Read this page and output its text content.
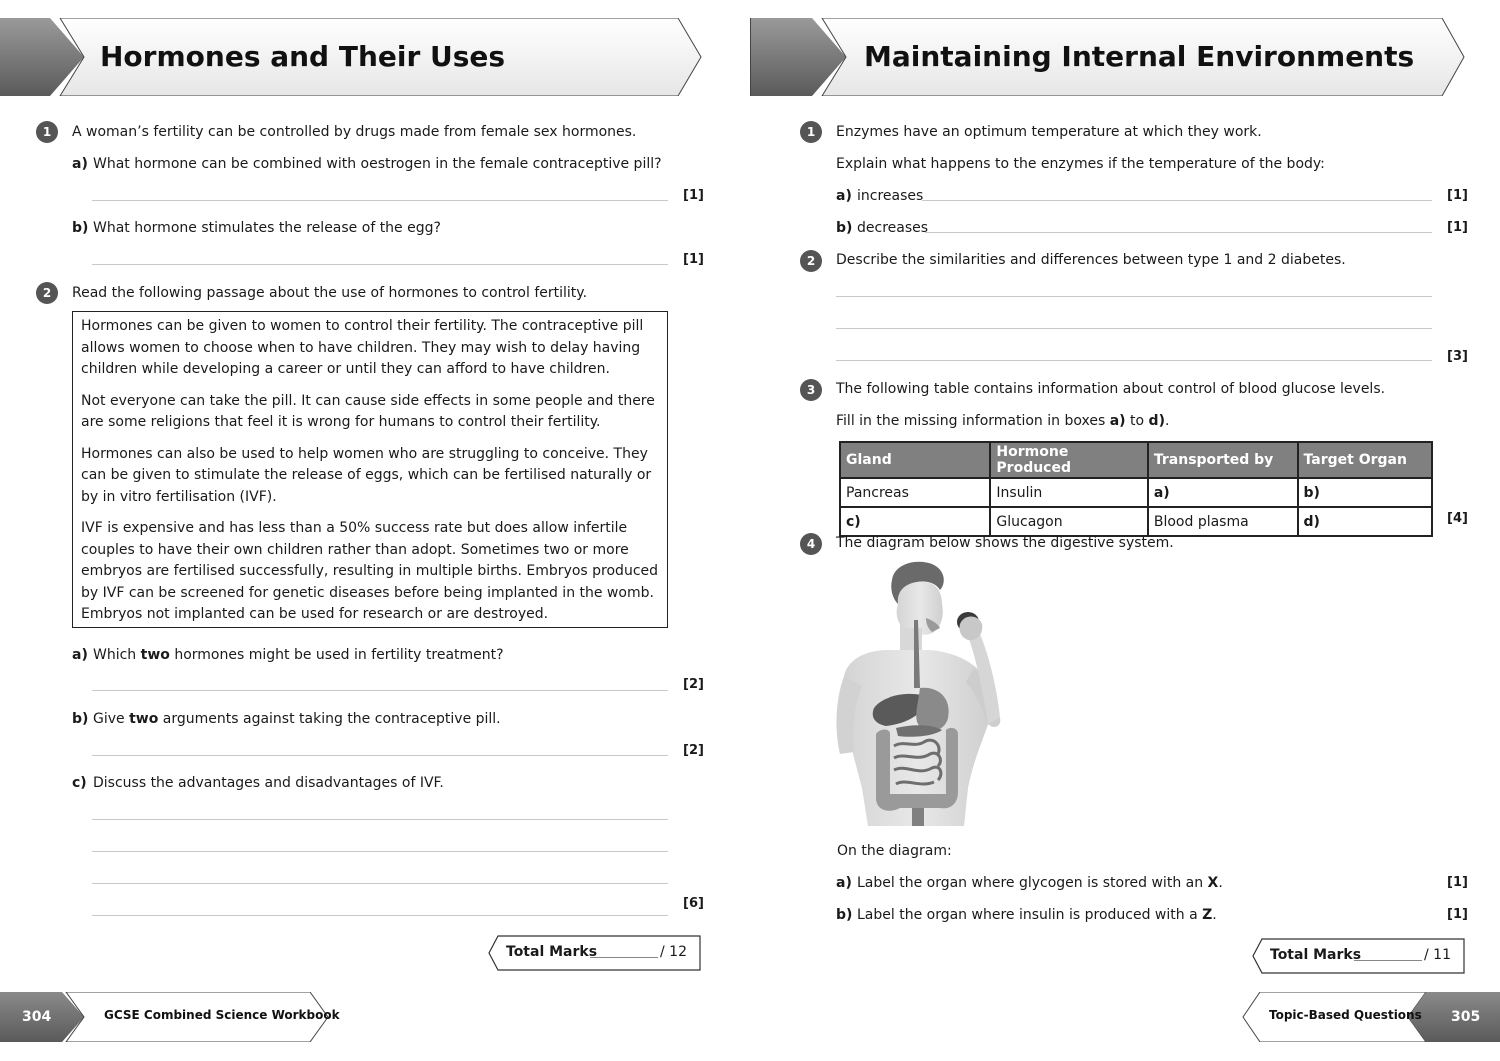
Hormones and Their Uses
1	A woman’s fertility can be controlled by drugs made from female sex hormones.
a) What hormone can be combined with oestrogen in the female contraceptive pill?
[1]
b) What hormone stimulates the release of the egg?
[1]
2	Read the following passage about the use of hormones to control fertility.

Hormones can be given to women to control their fertility. The contraceptive pill allows women to choose when to have children. They may wish to delay having children while developing a career or until they can afford to have children.

Not everyone can take the pill. It can cause side effects in some people and there are some religions that feel it is wrong for humans to control their fertility.

Hormones can also be used to help women who are struggling to conceive. They can be given to stimulate the release of eggs, which can be fertilised naturally or by in vitro fertilisation (IVF).

IVF is expensive and has less than a 50% success rate but does allow infertile couples to have their own children rather than adopt. Sometimes two or more embryos are fertilised successfully, resulting in multiple births. Embryos produced by IVF can be screened for genetic diseases before being implanted in the womb. Embryos not implanted can be used for research or are destroyed.

a) Which two hormones might be used in fertility treatment?
[2]
b) Give two arguments against taking the contraceptive pill.
[2]
c) Discuss the advantages and disadvantages of IVF.
[6]
Total Marks	/ 12
304	GCSE Combined Science Workbook
Maintaining Internal Environments
1	Enzymes have an optimum temperature at which they work.
Explain what happens to the enzymes if the temperature of the body:
a) increases	[1]
b) decreases	[1]
2	Describe the similarities and differences between type 1 and 2 diabetes.
[3]
3	The following table contains information about control of blood glucose levels.
Fill in the missing information in boxes a) to d).
Gland	Hormone Produced	Transported by	Target Organ
Pancreas	Insulin	a)	b)
c)	Glucagon	Blood plasma	d)	[4]
4	The diagram below shows the digestive system.
On the diagram:
a) Label the organ where glycogen is stored with an X.	[1]
b) Label the organ where insulin is produced with a Z.	[1]
Total Marks	/ 11
Topic-Based Questions 305
